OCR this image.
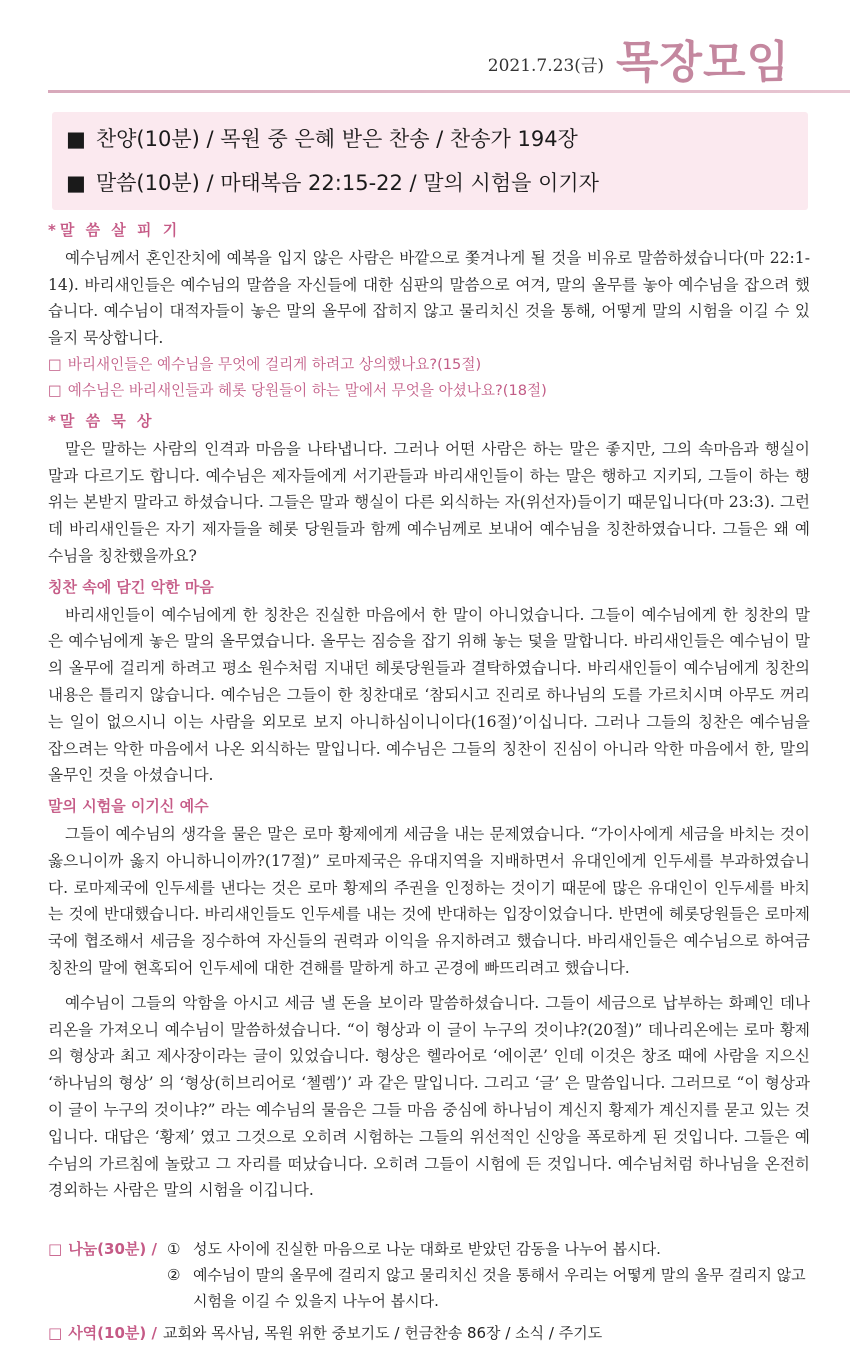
2021.7.23(금) 목장모임
■ 찬양(10분) / 목원 중 은혜 받은 찬송 / 찬송가 194장
■ 말씀(10분) / 마태복음 22:15-22 / 말의 시험을 이기자
* 말 씀 살 피 기

예수님께서 혼인잔치에 예복을 입지 않은 사람은 바깥으로 쫓겨나게 될 것을 비유로 말씀하셨습니다(마 22:1-14). 바리새인들은 예수님의 말씀을 자신들에 대한 심판의 말씀으로 여겨, 말의 올무를 놓아 예수님을 잡으려 했습니다. 예수님이 대적자들이 놓은 말의 올무에 잡히지 않고 물리치신 것을 통해, 어떻게 말의 시험을 이길 수 있을지 묵상합니다.

□ 바리새인들은 예수님을 무엇에 걸리게 하려고 상의했나요?(15절)
□ 예수님은 바리새인들과 헤롯 당원들이 하는 말에서 무엇을 아셨나요?(18절)
* 말 씀 묵 상

말은 말하는 사람의 인격과 마음을 나타냅니다. 그러나 어떤 사람은 하는 말은 좋지만, 그의 속마음과 행실이 말과 다르기도 합니다. 예수님은 제자들에게 서기관들과 바리새인들이 하는 말은 행하고 지키되, 그들이 하는 행위는 본받지 말라고 하셨습니다. 그들은 말과 행실이 다른 외식하는 자(위선자)들이기 때문입니다(마 23:3). 그런데 바리새인들은 자기 제자들을 헤롯 당원들과 함께 예수님께로 보내어 예수님을 칭찬하였습니다. 그들은 왜 예수님을 칭찬했을까요?

칭찬 속에 담긴 악한 마음

바리새인들이 예수님에게 한 칭찬은 진실한 마음에서 한 말이 아니었습니다. 그들이 예수님에게 한 칭찬의 말은 예수님에게 놓은 말의 올무였습니다. 올무는 짐승을 잡기 위해 놓는 덫을 말합니다. 바리새인들은 예수님이 말의 올무에 걸리게 하려고 평소 원수처럼 지내던 헤롯당원들과 결탁하였습니다. 바리새인들이 예수님에게 칭찬의 내용은 틀리지 않습니다. 예수님은 그들이 한 칭찬대로 ‘참되시고 진리로 하나님의 도를 가르치시며 아무도 꺼리는 일이 없으시니 이는 사람을 외모로 보지 아니하심이니이다(16절)’이십니다. 그러나 그들의 칭찬은 예수님을 잡으려는 악한 마음에서 나온 외식하는 말입니다. 예수님은 그들의 칭찬이 진심이 아니라 악한 마음에서 한, 말의 올무인 것을 아셨습니다.

말의 시험을 이기신 예수

그들이 예수님의 생각을 물은 말은 로마 황제에게 세금을 내는 문제였습니다. “가이사에게 세금을 바치는 것이 옳으니이까 옳지 아니하니이까?(17절)” 로마제국은 유대지역을 지배하면서 유대인에게 인두세를 부과하였습니다. 로마제국에 인두세를 낸다는 것은 로마 황제의 주권을 인정하는 것이기 때문에 많은 유대인이 인두세를 바치는 것에 반대했습니다. 바리새인들도 인두세를 내는 것에 반대하는 입장이었습니다. 반면에 헤롯당원들은 로마제국에 협조해서 세금을 징수하여 자신들의 권력과 이익을 유지하려고 했습니다. 바리새인들은 예수님으로 하여금 칭찬의 말에 현혹되어 인두세에 대한 견해를 말하게 하고 곤경에 빠뜨리려고 했습니다.

예수님이 그들의 악함을 아시고 세금 낼 돈을 보이라 말씀하셨습니다. 그들이 세금으로 납부하는 화폐인 데나리온을 가져오니 예수님이 말씀하셨습니다. “이 형상과 이 글이 누구의 것이냐?(20절)” 데나리온에는 로마 황제의 형상과 최고 제사장이라는 글이 있었습니다. 형상은 헬라어로 ‘에이콘’ 인데 이것은 창조 때에 사람을 지으신 ‘하나님의 형상’ 의 ‘형상(히브리어로 ‘첼렘’)’ 과 같은 말입니다. 그리고 ‘글’ 은 말씀입니다. 그러므로 “이 형상과 이 글이 누구의 것이냐?” 라는 예수님의 물음은 그들 마음 중심에 하나님이 계신지 황제가 계신지를 묻고 있는 것입니다. 대답은 ‘황제’ 였고 그것으로 오히려 시험하는 그들의 위선적인 신앙을 폭로하게 된 것입니다. 그들은 예수님의 가르침에 놀랐고 그 자리를 떠났습니다. 오히려 그들이 시험에 든 것입니다. 예수님처럼 하나님을 온전히 경외하는 사람은 말의 시험을 이깁니다.

□ 나눔(30분) / ① 성도 사이에 진실한 마음으로 나눈 대화로 받았던 감동을 나누어 봅시다.
② 예수님이 말의 올무에 걸리지 않고 물리치신 것을 통해서 우리는 어떻게 말의 올무 걸리지 않고 시험을 이길 수 있을지 나누어 봅시다.
□ 사역(10분) / 교회와 목사님, 목원 위한 중보기도 / 헌금찬송 86장 / 소식 / 주기도
